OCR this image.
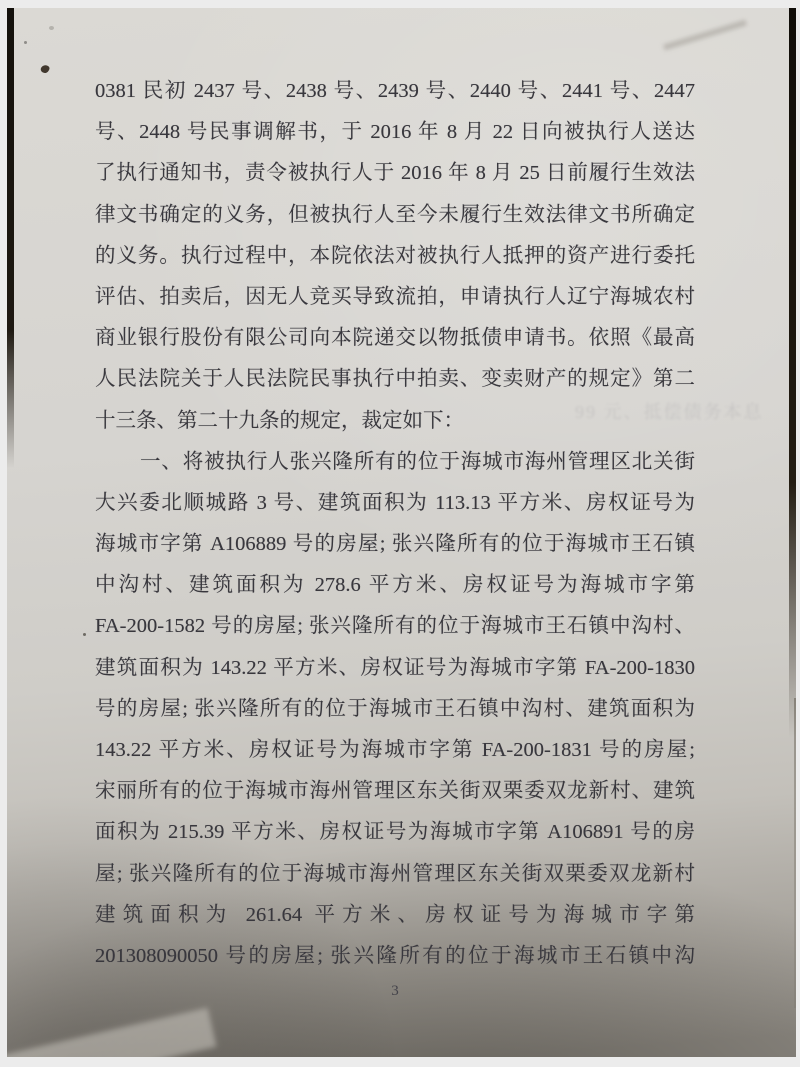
99 元、抵偿债务本息
0381 民初 2437 号、2438 号、2439 号、2440 号、2441 号、2447
号、2448 号民事调解书，于 2016 年 8 月 22 日向被执行人送达
了执行通知书，责令被执行人于 2016 年 8 月 25 日前履行生效法
律文书确定的义务，但被执行人至今未履行生效法律文书所确定
的义务。执行过程中，本院依法对被执行人抵押的资产进行委托
评估、拍卖后，因无人竞买导致流拍，申请执行人辽宁海城农村
商业银行股份有限公司向本院递交以物抵债申请书。依照《最高
人民法院关于人民法院民事执行中拍卖、变卖财产的规定》第二
十三条、第二十九条的规定，裁定如下：
一、将被执行人张兴隆所有的位于海城市海州管理区北关街
大兴委北顺城路 3 号、建筑面积为 113.13 平方米、房权证号为
海城市字第 A106889 号的房屋; 张兴隆所有的位于海城市王石镇
中沟村、建筑面积为 278.6 平方米、房权证号为海城市字第
FA-200-1582 号的房屋; 张兴隆所有的位于海城市王石镇中沟村、
建筑面积为 143.22 平方米、房权证号为海城市字第 FA-200-1830
号的房屋; 张兴隆所有的位于海城市王石镇中沟村、建筑面积为
143.22 平方米、房权证号为海城市字第 FA-200-1831 号的房屋;
宋丽所有的位于海城市海州管理区东关街双栗委双龙新村、建筑
面积为 215.39 平方米、房权证号为海城市字第 A106891 号的房
屋; 张兴隆所有的位于海城市海州管理区东关街双栗委双龙新村
建筑面积为 261.64 平方米、房权证号为海城市字第
201308090050 号的房屋; 张兴隆所有的位于海城市王石镇中沟
3
